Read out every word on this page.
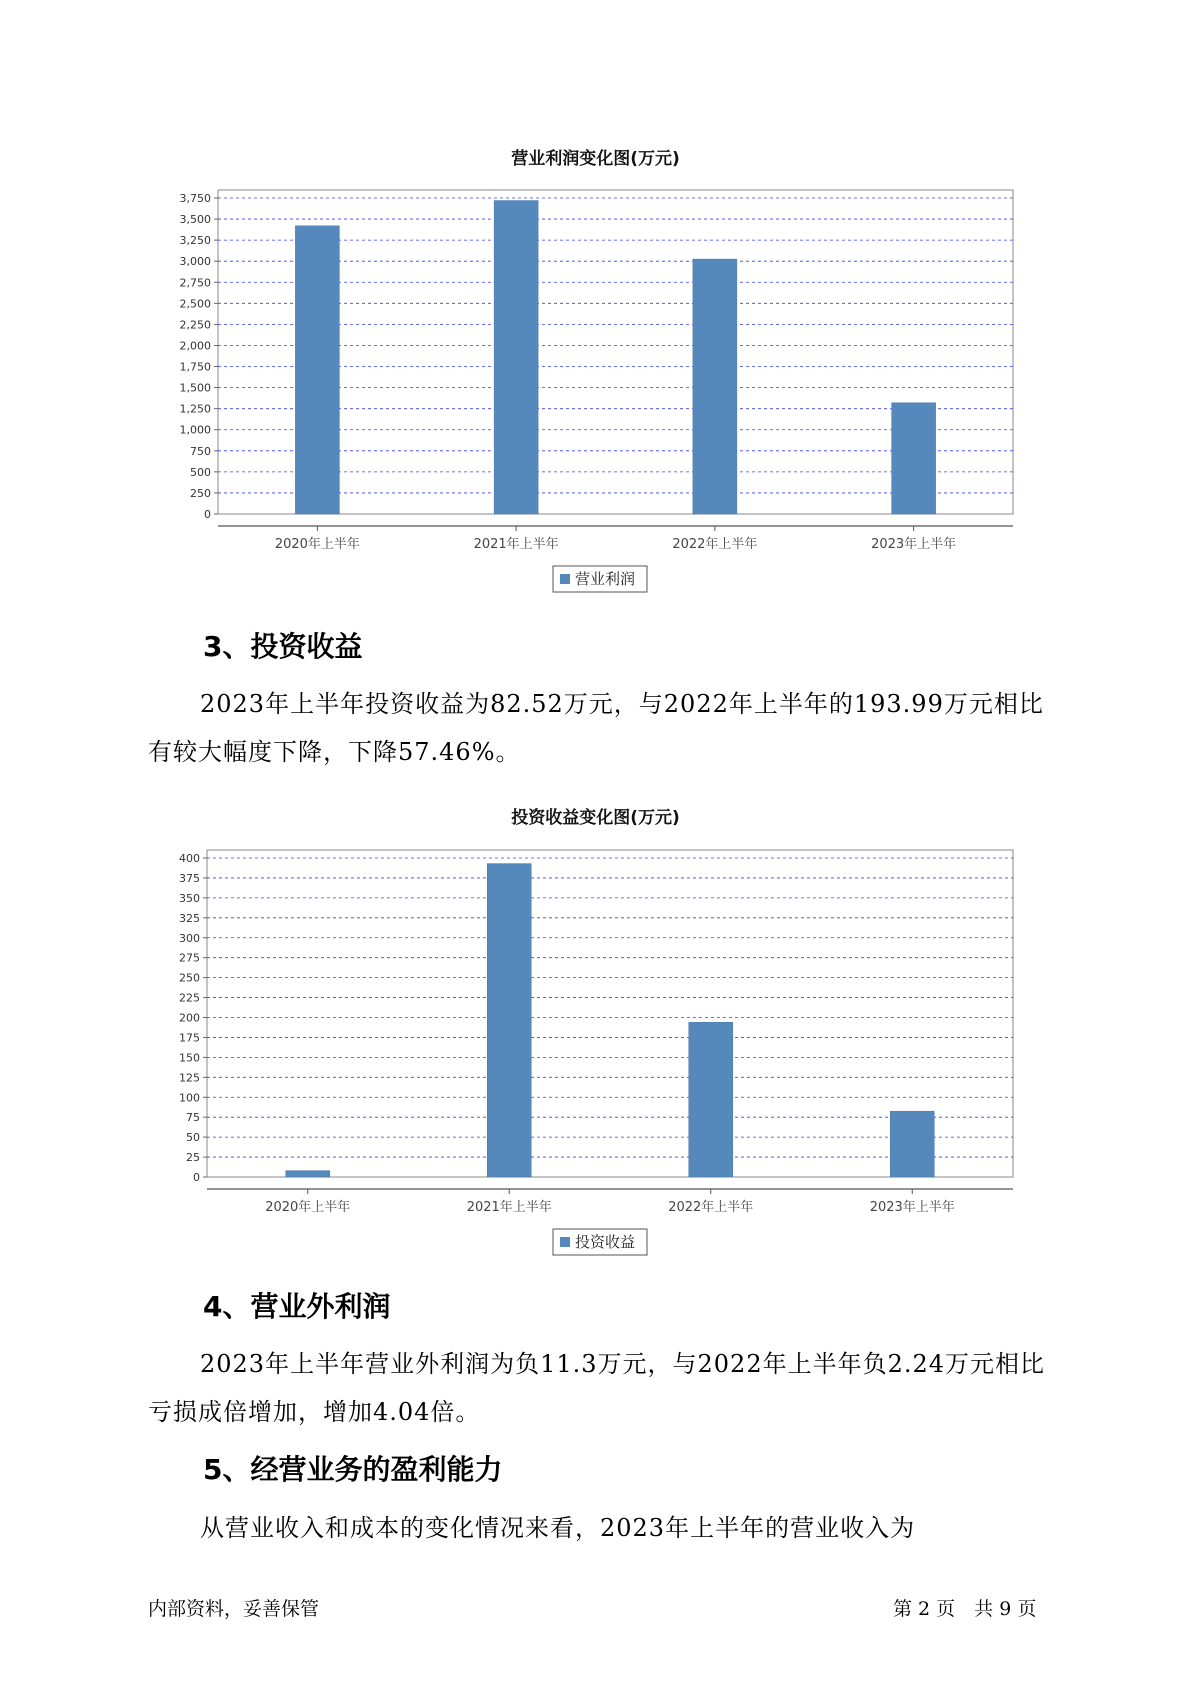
营业利润变化图(万元)
0
250
500
750
1,000
1,250
1,500
1,750
2,000
2,250
2,500
2,750
3,000
3,250
3,500
3,750
2020年上半年	2021年上半年	2022年上半年	2023年上半年
营业利润
3、投资收益

2023年上半年投资收益为82.52万元，与2022年上半年的193.99万元相比有较大幅度下降，下降57.46%。

投资收益变化图(万元)
0
25
50
75
100
125
150
175
200
225
250
275
300
325
350
375
400
2020年上半年	2021年上半年	2022年上半年	2023年上半年
投资收益
4、营业外利润

2023年上半年营业外利润为负11.3万元，与2022年上半年负2.24万元相比亏损成倍增加，增加4.04倍。

5、经营业务的盈利能力

从营业收入和成本的变化情况来看，2023年上半年的营业收入为

内部资料，妥善保管	第 2 页　共 9 页
